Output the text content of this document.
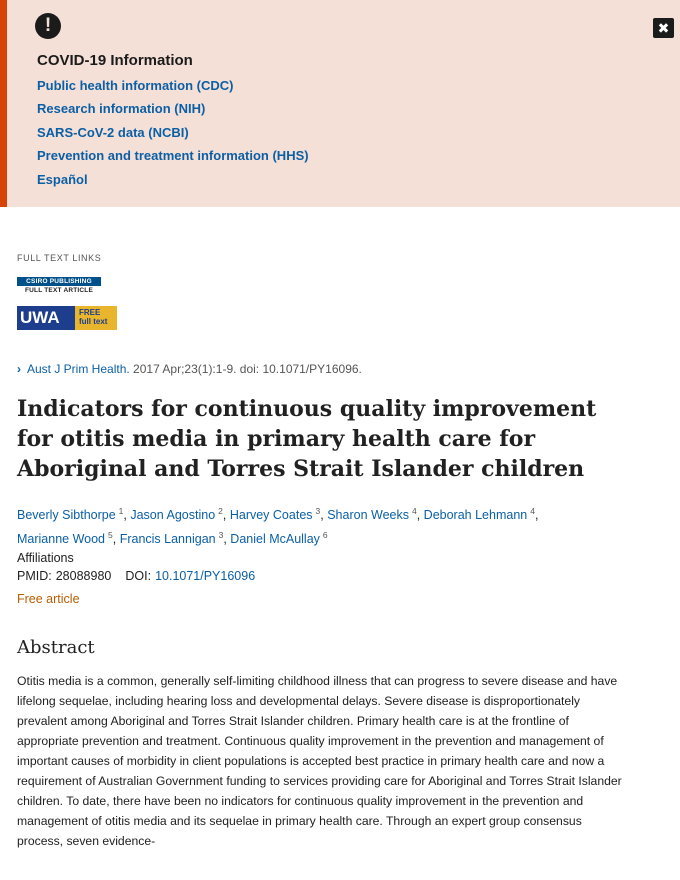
!	✖
COVID-19 Information
Public health information (CDC)
Research information (NIH)
SARS-CoV-2 data (NCBI)
Prevention and treatment information (HHS)
Español
FULL TEXT LINKS
CSIRO PUBLISHING
FULL TEXT ARTICLE
UWA	FREE
full text
› Aust J Prim Health. 2017 Apr;23(1):1-9. doi: 10.1071/PY16096.
Indicators for continuous quality improvement for otitis media in primary health care for Aboriginal and Torres Strait Islander children
Beverly Sibthorpe $^1$, Jason Agostino $^2$, Harvey Coates $^3$, Sharon Weeks $^4$, Deborah Lehmann $^4$,
Marianne Wood $^5$, Francis Lannigan $^3$, Daniel McAullay $^6$
Affiliations
PMID: 28088980 DOI: 10.1071/PY16096
Free article
Abstract

Otitis media is a common, generally self-limiting childhood illness that can progress to severe disease and have lifelong sequelae, including hearing loss and developmental delays. Severe disease is disproportionately prevalent among Aboriginal and Torres Strait Islander children. Primary health care is at the frontline of appropriate prevention and treatment. Continuous quality improvement in the prevention and management of important causes of morbidity in client populations is accepted best practice in primary health care and now a requirement of Australian Government funding to services providing care for Aboriginal and Torres Strait Islander children. To date, there have been no indicators for continuous quality improvement in the prevention and management of otitis media and its sequelae in primary health care. Through an expert group consensus process, seven evidence-
